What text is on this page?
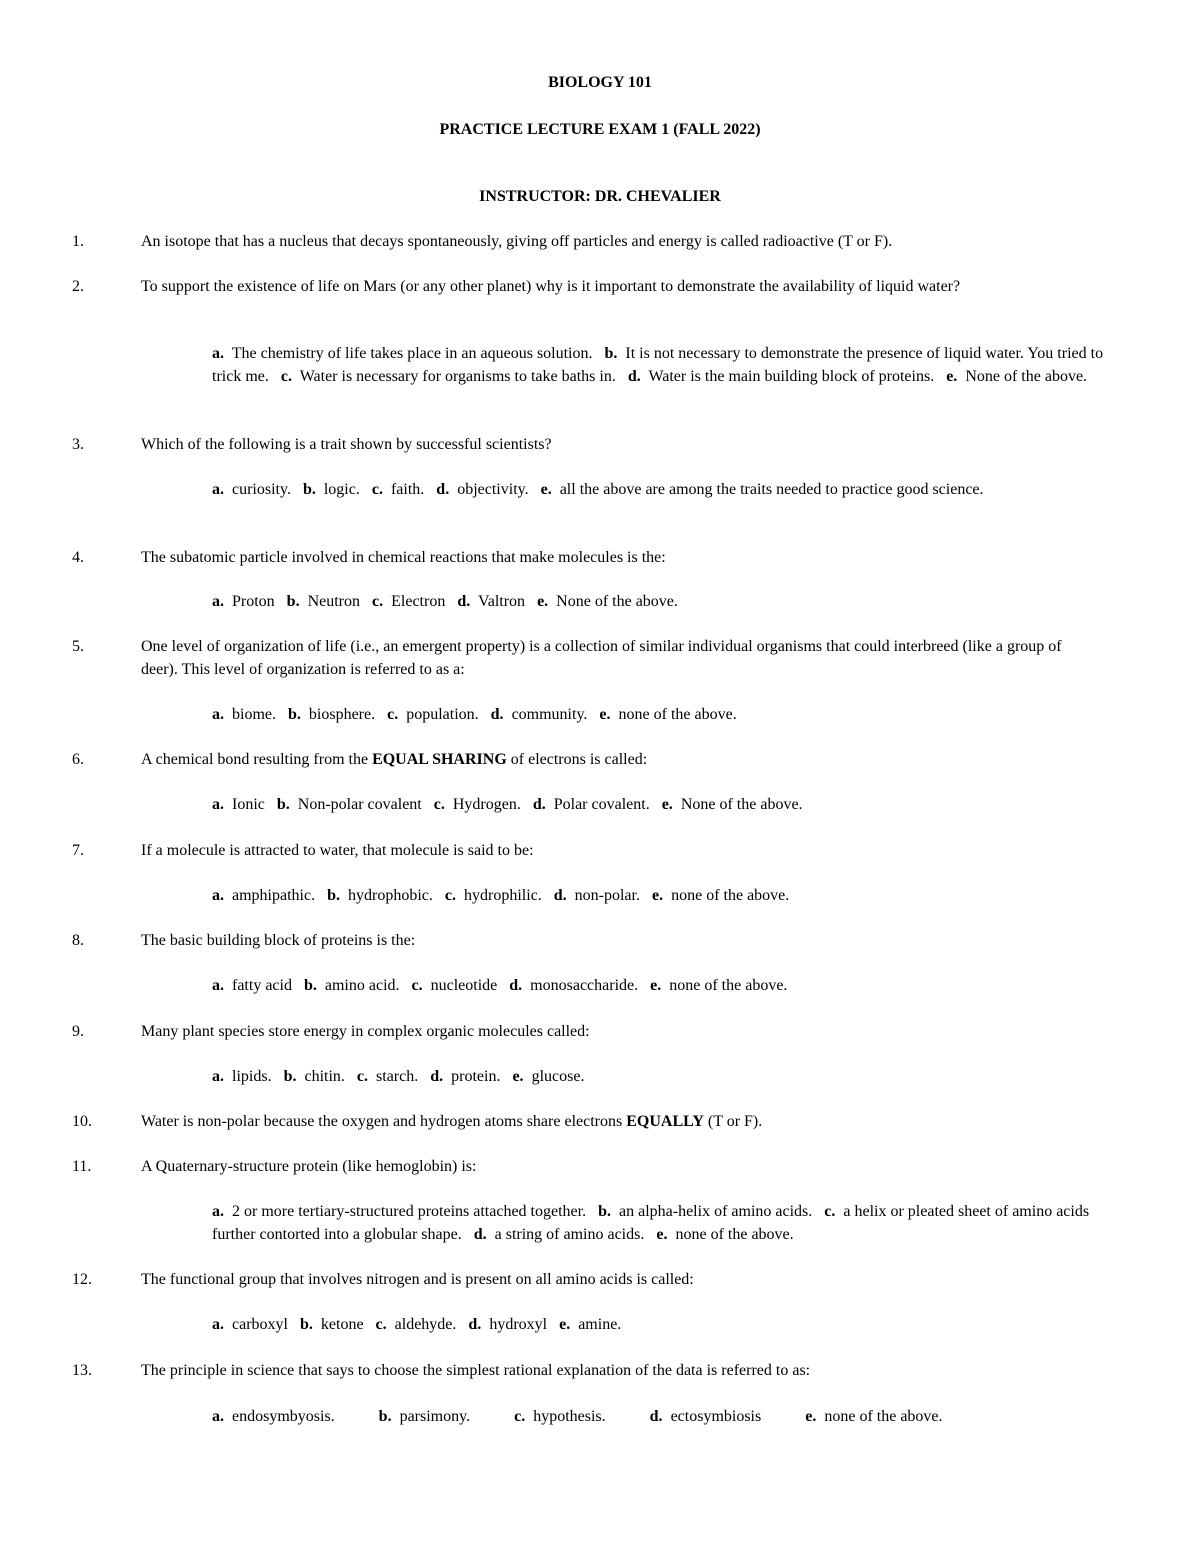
BIOLOGY 101
PRACTICE LECTURE EXAM 1 (FALL 2022)
INSTRUCTOR: DR. CHEVALIER
1.	An isotope that has a nucleus that decays spontaneously, giving off particles and energy is called radioactive (T or F).
2.	To support the existence of life on Mars (or any other planet) why is it important to demonstrate the availability of liquid water?
a. The chemistry of life takes place in an aqueous solution. b. It is not necessary to demonstrate the presence of liquid water. You tried to trick me. c. Water is necessary for organisms to take baths in. d. Water is the main building block of proteins. e. None of the above.
3.	Which of the following is a trait shown by successful scientists?
a. curiosity. b. logic. c. faith. d. objectivity. e. all the above are among the traits needed to practice good science.
4.	The subatomic particle involved in chemical reactions that make molecules is the:
a. Proton b. Neutron c. Electron d. Valtron e. None of the above.
5.	One level of organization of life (i.e., an emergent property) is a collection of similar individual organisms that could interbreed (like a group of deer). This level of organization is referred to as a:
a. biome. b. biosphere. c. population. d. community. e. none of the above.
6.	A chemical bond resulting from the EQUAL SHARING of electrons is called:
a. Ionic b. Non-polar covalent c. Hydrogen. d. Polar covalent. e. None of the above.
7.	If a molecule is attracted to water, that molecule is said to be:
a. amphipathic. b. hydrophobic. c. hydrophilic. d. non-polar. e. none of the above.
8.	The basic building block of proteins is the:
a. fatty acid b. amino acid. c. nucleotide d. monosaccharide. e. none of the above.
9.	Many plant species store energy in complex organic molecules called:
a. lipids. b. chitin. c. starch. d. protein. e. glucose.
10.	Water is non-polar because the oxygen and hydrogen atoms share electrons EQUALLY (T or F).
11.	A Quaternary-structure protein (like hemoglobin) is:
a. 2 or more tertiary-structured proteins attached together. b. an alpha-helix of amino acids. c. a helix or pleated sheet of amino acids further contorted into a globular shape. d. a string of amino acids. e. none of the above.
12.	The functional group that involves nitrogen and is present on all amino acids is called:
a. carboxyl b. ketone c. aldehyde. d. hydroxyl e. amine.
13.	The principle in science that says to choose the simplest rational explanation of the data is referred to as:
a. endosymbyosis.	b. parsimony.	c. hypothesis.	d. ectosymbiosis	e. none of the above.
